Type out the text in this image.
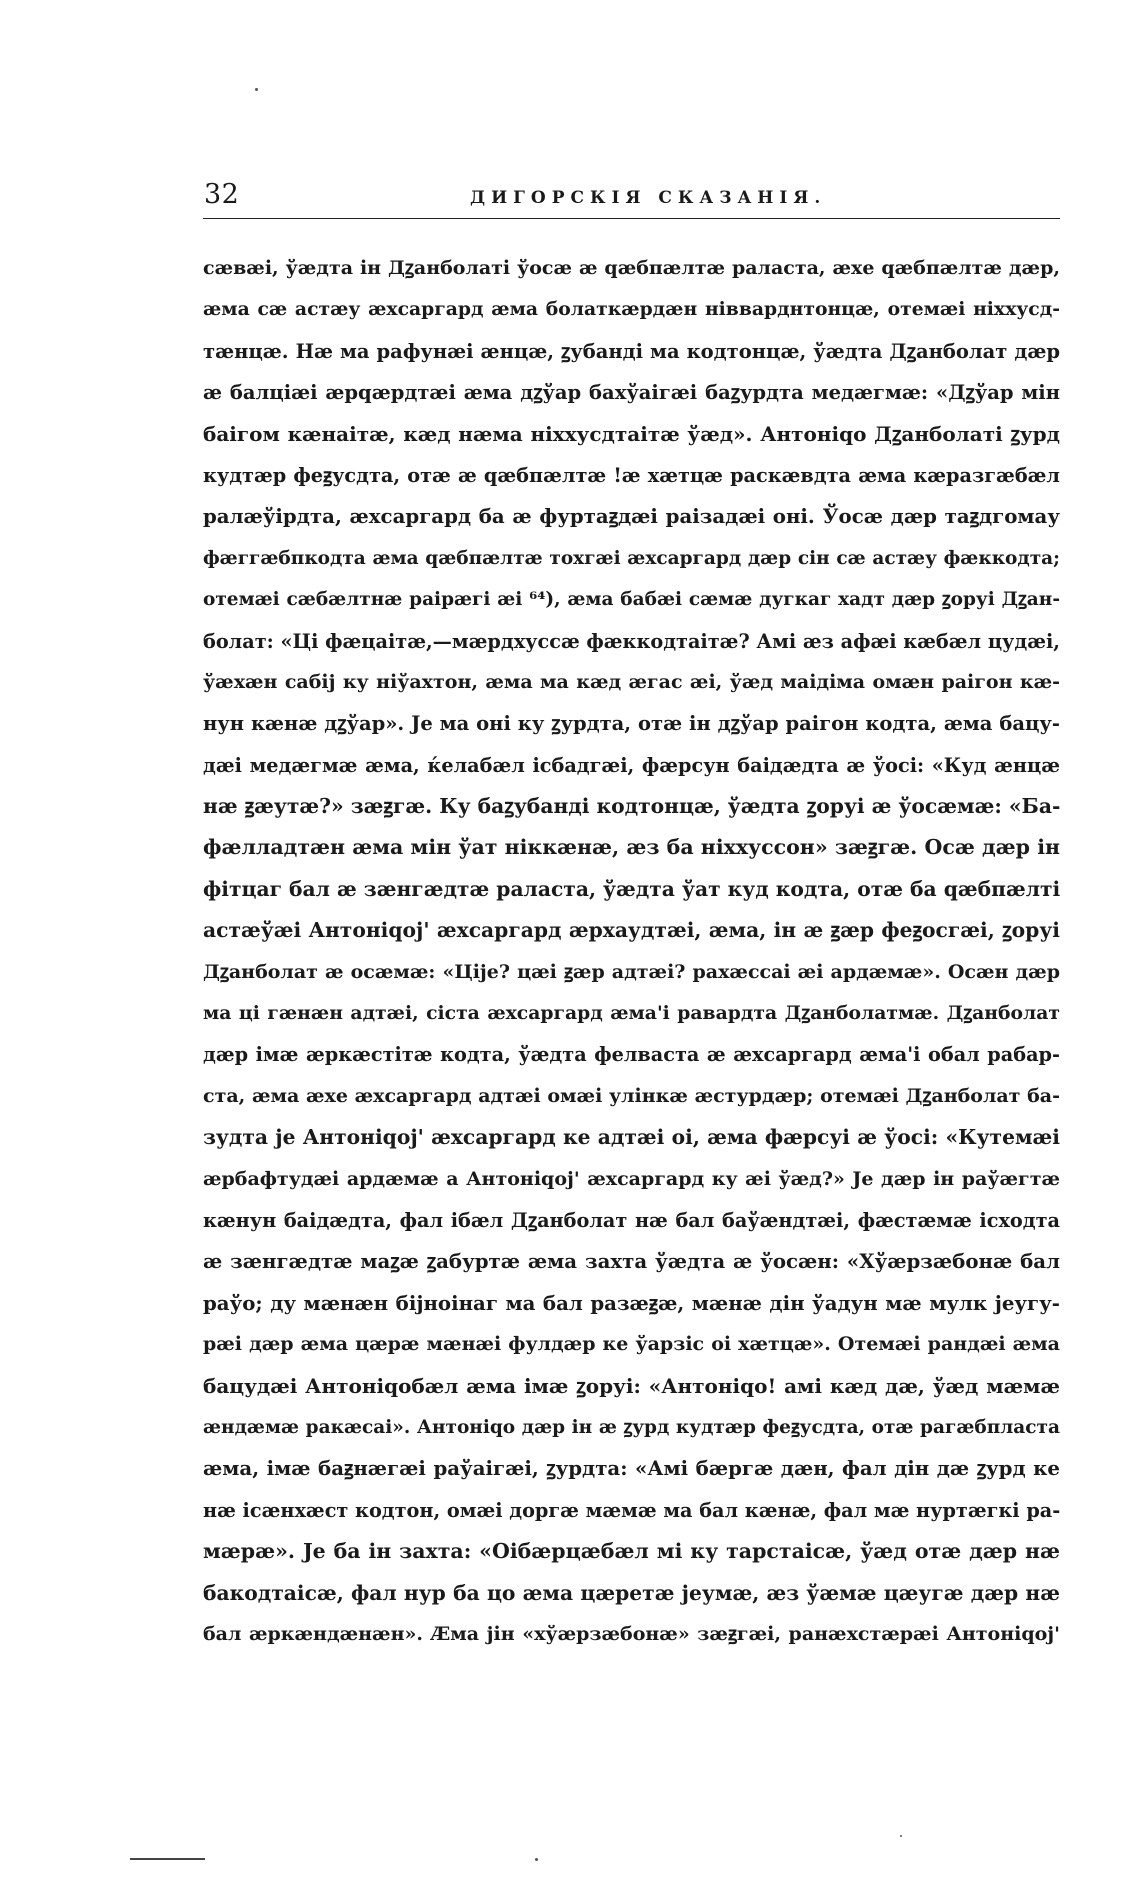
32	ДИГОРСКІЯ СКАЗАНІЯ.
сæвæі, ўæдта ін Дꙁанболаті ўосæ æ qæбпæлтæ раласта, æхе qæбпæлтæ дæр,
æма сæ астæу æхсаргард æма болаткæрдæн нівварднтонцæ, отемæі ніххусд-
тæнцæ. Нæ ма рафунæі æнцæ, ꙁубанді ма кодтонцæ, ўæдта Дꙁанболат дæр
æ балціæі æрqæрдтæі æма дꙁўар бахўаігæі баꙁурдта медæгмæ: «Дꙁўар мін
баігом кæнаітæ, кæд нæма ніххусдтаітæ ўæд». Антоніqо Дꙁанболаті ꙁурд
кудтæр феꙃусдта, отæ æ qæбпæлтæ !æ хæтцæ раскæвдта æма кæразгæбæл
ралæўірдта, æхсаргард ба æ фуртаꙃдæі раізадæі оні. Ўосæ дæр таꙃдгомау
фæггæбпкодта æма qæбпæлтæ тохгæі æхсаргард дæр сін сæ астæу фæккодта;
отемæі сæбæлтнæ раірæгі æі ⁶⁴), æма бабæі сæмæ дугкаг хадт дæр ꙁоруі Дꙁан-
болат: «Ці фæцаітæ,—мæрдхуссæ фæккодтаітæ? Амі æз афæі кæбæл цудæі,
ўæхæн сабіј ку ніўахтон, æма ма кæд æгас æі, ўæд маідіма омæн раігон кæ-
нун кæнæ дꙁўар». Јe ма оні ку ꙁурдта, отæ ін дꙁўар раігон кодта, æма бацу-
дæі медæгмæ æма, ќелабæл ісбадгæі, фæрсун баідæдта æ ўосі: «Куд æнцæ
нæ ꙃæутæ?» зæꙃгæ. Ку баꙁубанді кодтонцæ, ўæдта ꙁоруі æ ўосæмæ: «Ба-
фæлладтæн æма мін ўат ніккæнæ, æз ба ніххуссон» зæꙃгæ. Осæ дæр ін
фітцаг бал æ зæнгæдтæ раласта, ўæдта ўат куд кодта, отæ ба qæбпæлті
астæўæі Антоніqој' æхсаргард æрхаудтæі, æма, ін æ ꙃæр феꙃосгæі, ꙁоруі
Дꙁанболат æ осæмæ: «Ціјe? цæі ꙃæр адтæі? рахæссаі æі ардæмæ». Осæн дæр
ма ці гæнæн адтæі, сіста æхсаргард æма'і равардта Дꙁанболатмæ. Дꙁанболат
дæр імæ æркæстітæ кодта, ўæдта фелваста æ æхсаргард æма'і обал рабар-
ста, æма æхе æхсаргард адтæі омæі улінкæ æстурдæр; отемæі Дꙁанболат ба-
зудта јe Антоніqој' æхсаргард ке адтæі оі, æма фæрсуі æ ўосі: «Кутемæі
æрбафтудæі ардæмæ а Антоніqој' æхсаргард ку æі ўæд?» Јe дæр ін раўæгтæ
кæнун баідæдта, фал ібæл Дꙁанболат нæ бал баўæндтæі, фæстæмæ ісходта
æ зæнгæдтæ маꙁæ ꙁабуртæ æма захта ўæдта æ ўосæн: «Хўæрзæбонæ бал
раўо; ду мæнæн біјноінаг ма бал разæꙃæ, мæнæ дін ўадун мæ мулк јeугу-
рæі дæр æма цæрæ мæнæі фулдæр ке ўарзіс оі хæтцæ». Отемæі рандæі æма
бацудæі Антоніqобæл æма імæ ꙁоруі: «Антоніqо! амі кæд дæ, ўæд мæмæ
æндæмæ ракæсаі». Антоніqо дæр ін æ ꙁурд кудтæр феꙃусдта, отæ рагæбпласта
æма, імæ баꙃнæгæі раўаігæі, ꙁурдта: «Амі бæргæ дæн, фал дін дæ ꙁурд ке
нæ ісæнхæст кодтон, омæі доргæ мæмæ ма бал кæнæ, фал мæ нуртæгкі ра-
мæрæ». Јe ба ін захта: «Оібæрцæбæл мі ку тарстаісæ, ўæд отæ дæр нæ
бакодтаісæ, фал нур ба цо æма цæретæ јeумæ, æз ўæмæ цæугæ дæр нæ
бал æркæндæнæн». Æма јін «хўæрзæбонæ» зæꙃгæі, ранæхстæрæі Антоніqој'
